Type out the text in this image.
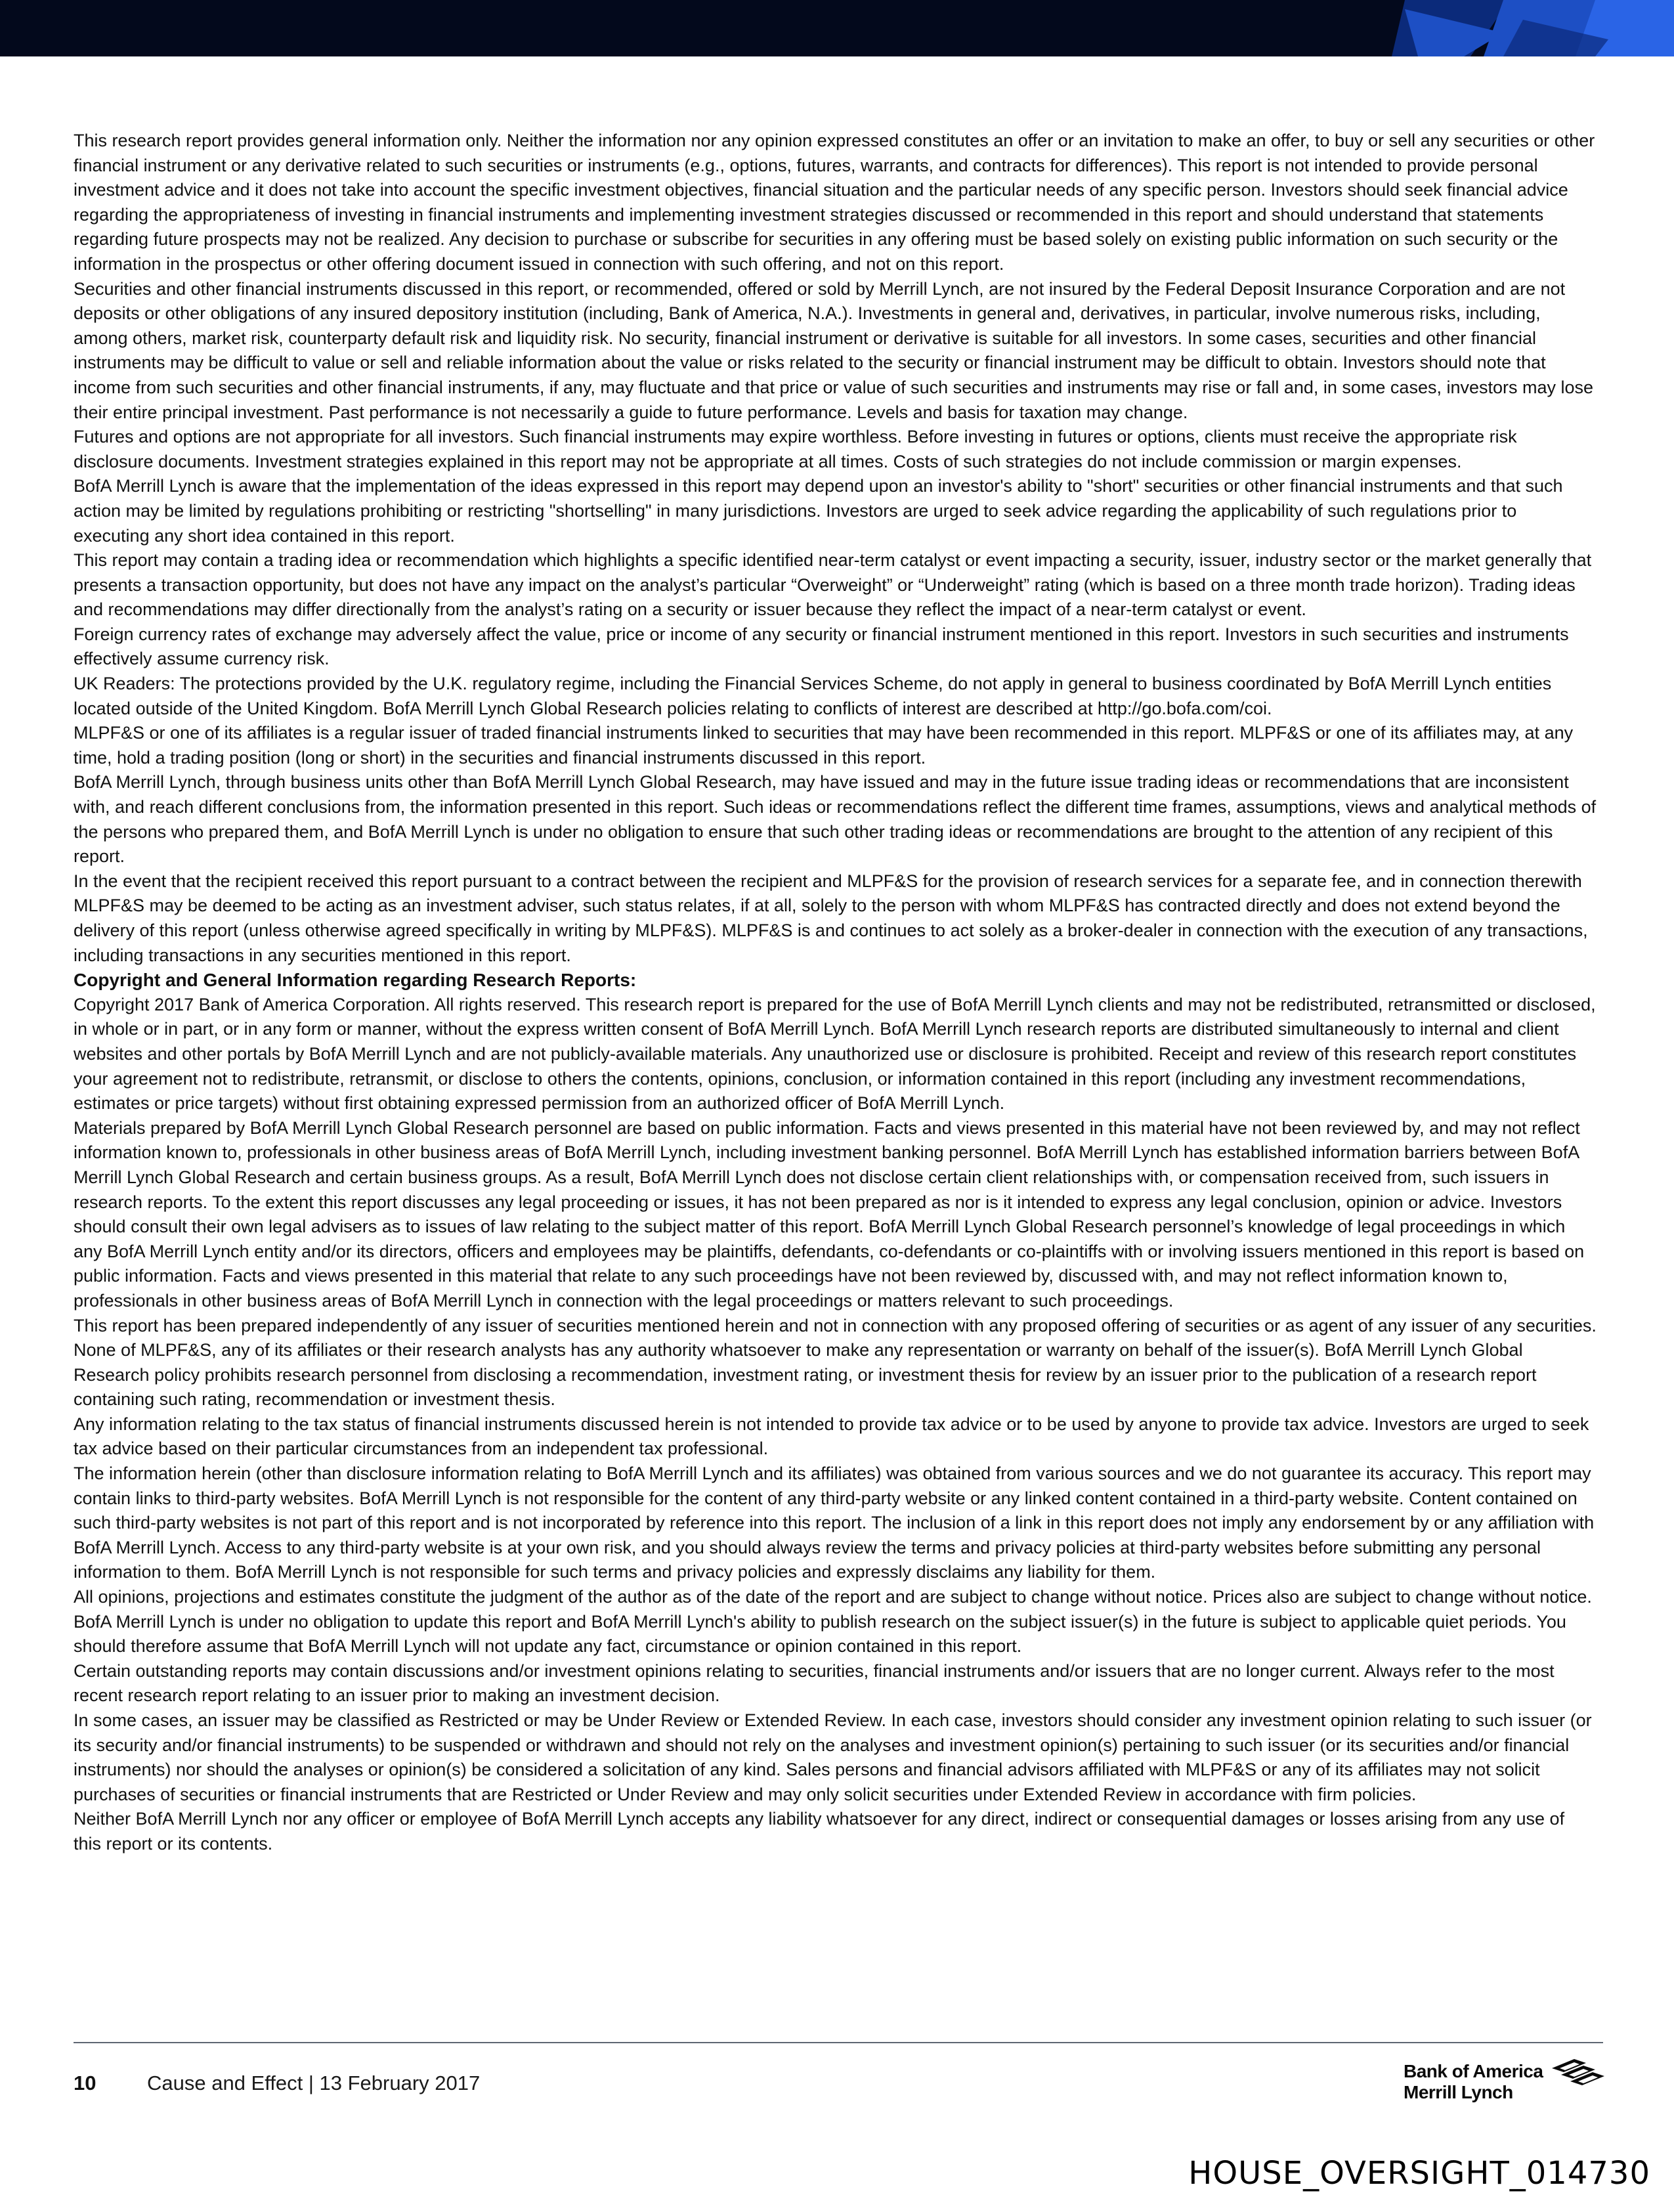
This research report provides general information only. Neither the information nor any opinion expressed constitutes an offer or an invitation to make an offer, to buy or sell any securities or other financial instrument or any derivative related to such securities or instruments (e.g., options, futures, warrants, and contracts for differences). This report is not intended to provide personal investment advice and it does not take into account the specific investment objectives, financial situation and the particular needs of any specific person. Investors should seek financial advice regarding the appropriateness of investing in financial instruments and implementing investment strategies discussed or recommended in this report and should understand that statements regarding future prospects may not be realized. Any decision to purchase or subscribe for securities in any offering must be based solely on existing public information on such security or the information in the prospectus or other offering document issued in connection with such offering, and not on this report.

Securities and other financial instruments discussed in this report, or recommended, offered or sold by Merrill Lynch, are not insured by the Federal Deposit Insurance Corporation and are not deposits or other obligations of any insured depository institution (including, Bank of America, N.A.). Investments in general and, derivatives, in particular, involve numerous risks, including, among others, market risk, counterparty default risk and liquidity risk. No security, financial instrument or derivative is suitable for all investors. In some cases, securities and other financial instruments may be difficult to value or sell and reliable information about the value or risks related to the security or financial instrument may be difficult to obtain. Investors should note that income from such securities and other financial instruments, if any, may fluctuate and that price or value of such securities and instruments may rise or fall and, in some cases, investors may lose their entire principal investment. Past performance is not necessarily a guide to future performance. Levels and basis for taxation may change.

Futures and options are not appropriate for all investors. Such financial instruments may expire worthless. Before investing in futures or options, clients must receive the appropriate risk disclosure documents. Investment strategies explained in this report may not be appropriate at all times. Costs of such strategies do not include commission or margin expenses.

BofA Merrill Lynch is aware that the implementation of the ideas expressed in this report may depend upon an investor's ability to "short" securities or other financial instruments and that such action may be limited by regulations prohibiting or restricting "shortselling" in many jurisdictions. Investors are urged to seek advice regarding the applicability of such regulations prior to executing any short idea contained in this report.

This report may contain a trading idea or recommendation which highlights a specific identified near-term catalyst or event impacting a security, issuer, industry sector or the market generally that presents a transaction opportunity, but does not have any impact on the analyst’s particular “Overweight” or “Underweight” rating (which is based on a three month trade horizon). Trading ideas and recommendations may differ directionally from the analyst’s rating on a security or issuer because they reflect the impact of a near-term catalyst or event.

Foreign currency rates of exchange may adversely affect the value, price or income of any security or financial instrument mentioned in this report. Investors in such securities and instruments effectively assume currency risk.

UK Readers: The protections provided by the U.K. regulatory regime, including the Financial Services Scheme, do not apply in general to business coordinated by BofA Merrill Lynch entities located outside of the United Kingdom. BofA Merrill Lynch Global Research policies relating to conflicts of interest are described at http://go.bofa.com/coi.

MLPF&S or one of its affiliates is a regular issuer of traded financial instruments linked to securities that may have been recommended in this report. MLPF&S or one of its affiliates may, at any time, hold a trading position (long or short) in the securities and financial instruments discussed in this report.

BofA Merrill Lynch, through business units other than BofA Merrill Lynch Global Research, may have issued and may in the future issue trading ideas or recommendations that are inconsistent with, and reach different conclusions from, the information presented in this report. Such ideas or recommendations reflect the different time frames, assumptions, views and analytical methods of the persons who prepared them, and BofA Merrill Lynch is under no obligation to ensure that such other trading ideas or recommendations are brought to the attention of any recipient of this report.

In the event that the recipient received this report pursuant to a contract between the recipient and MLPF&S for the provision of research services for a separate fee, and in connection therewith MLPF&S may be deemed to be acting as an investment adviser, such status relates, if at all, solely to the person with whom MLPF&S has contracted directly and does not extend beyond the delivery of this report (unless otherwise agreed specifically in writing by MLPF&S). MLPF&S is and continues to act solely as a broker-dealer in connection with the execution of any transactions, including transactions in any securities mentioned in this report.

Copyright and General Information regarding Research Reports:

Copyright 2017 Bank of America Corporation. All rights reserved. This research report is prepared for the use of BofA Merrill Lynch clients and may not be redistributed, retransmitted or disclosed, in whole or in part, or in any form or manner, without the express written consent of BofA Merrill Lynch. BofA Merrill Lynch research reports are distributed simultaneously to internal and client websites and other portals by BofA Merrill Lynch and are not publicly-available materials. Any unauthorized use or disclosure is prohibited. Receipt and review of this research report constitutes your agreement not to redistribute, retransmit, or disclose to others the contents, opinions, conclusion, or information contained in this report (including any investment recommendations, estimates or price targets) without first obtaining expressed permission from an authorized officer of BofA Merrill Lynch.

Materials prepared by BofA Merrill Lynch Global Research personnel are based on public information. Facts and views presented in this material have not been reviewed by, and may not reflect information known to, professionals in other business areas of BofA Merrill Lynch, including investment banking personnel. BofA Merrill Lynch has established information barriers between BofA Merrill Lynch Global Research and certain business groups. As a result, BofA Merrill Lynch does not disclose certain client relationships with, or compensation received from, such issuers in research reports. To the extent this report discusses any legal proceeding or issues, it has not been prepared as nor is it intended to express any legal conclusion, opinion or advice. Investors should consult their own legal advisers as to issues of law relating to the subject matter of this report. BofA Merrill Lynch Global Research personnel’s knowledge of legal proceedings in which any BofA Merrill Lynch entity and/or its directors, officers and employees may be plaintiffs, defendants, co-defendants or co-plaintiffs with or involving issuers mentioned in this report is based on public information. Facts and views presented in this material that relate to any such proceedings have not been reviewed by, discussed with, and may not reflect information known to, professionals in other business areas of BofA Merrill Lynch in connection with the legal proceedings or matters relevant to such proceedings.

This report has been prepared independently of any issuer of securities mentioned herein and not in connection with any proposed offering of securities or as agent of any issuer of any securities. None of MLPF&S, any of its affiliates or their research analysts has any authority whatsoever to make any representation or warranty on behalf of the issuer(s). BofA Merrill Lynch Global Research policy prohibits research personnel from disclosing a recommendation, investment rating, or investment thesis for review by an issuer prior to the publication of a research report containing such rating, recommendation or investment thesis.

Any information relating to the tax status of financial instruments discussed herein is not intended to provide tax advice or to be used by anyone to provide tax advice. Investors are urged to seek tax advice based on their particular circumstances from an independent tax professional.

The information herein (other than disclosure information relating to BofA Merrill Lynch and its affiliates) was obtained from various sources and we do not guarantee its accuracy. This report may contain links to third-party websites. BofA Merrill Lynch is not responsible for the content of any third-party website or any linked content contained in a third-party website. Content contained on such third-party websites is not part of this report and is not incorporated by reference into this report. The inclusion of a link in this report does not imply any endorsement by or any affiliation with BofA Merrill Lynch. Access to any third-party website is at your own risk, and you should always review the terms and privacy policies at third-party websites before submitting any personal information to them. BofA Merrill Lynch is not responsible for such terms and privacy policies and expressly disclaims any liability for them.

All opinions, projections and estimates constitute the judgment of the author as of the date of the report and are subject to change without notice. Prices also are subject to change without notice. BofA Merrill Lynch is under no obligation to update this report and BofA Merrill Lynch's ability to publish research on the subject issuer(s) in the future is subject to applicable quiet periods. You should therefore assume that BofA Merrill Lynch will not update any fact, circumstance or opinion contained in this report.

Certain outstanding reports may contain discussions and/or investment opinions relating to securities, financial instruments and/or issuers that are no longer current. Always refer to the most recent research report relating to an issuer prior to making an investment decision.

In some cases, an issuer may be classified as Restricted or may be Under Review or Extended Review. In each case, investors should consider any investment opinion relating to such issuer (or its security and/or financial instruments) to be suspended or withdrawn and should not rely on the analyses and investment opinion(s) pertaining to such issuer (or its securities and/or financial instruments) nor should the analyses or opinion(s) be considered a solicitation of any kind. Sales persons and financial advisors affiliated with MLPF&S or any of its affiliates may not solicit purchases of securities or financial instruments that are Restricted or Under Review and may only solicit securities under Extended Review in accordance with firm policies.

Neither BofA Merrill Lynch nor any officer or employee of BofA Merrill Lynch accepts any liability whatsoever for any direct, indirect or consequential damages or losses arising from any use of this report or its contents.

10	Cause and Effect | 13 February 2017
Bank of America
Merrill Lynch
HOUSE_OVERSIGHT_014730
